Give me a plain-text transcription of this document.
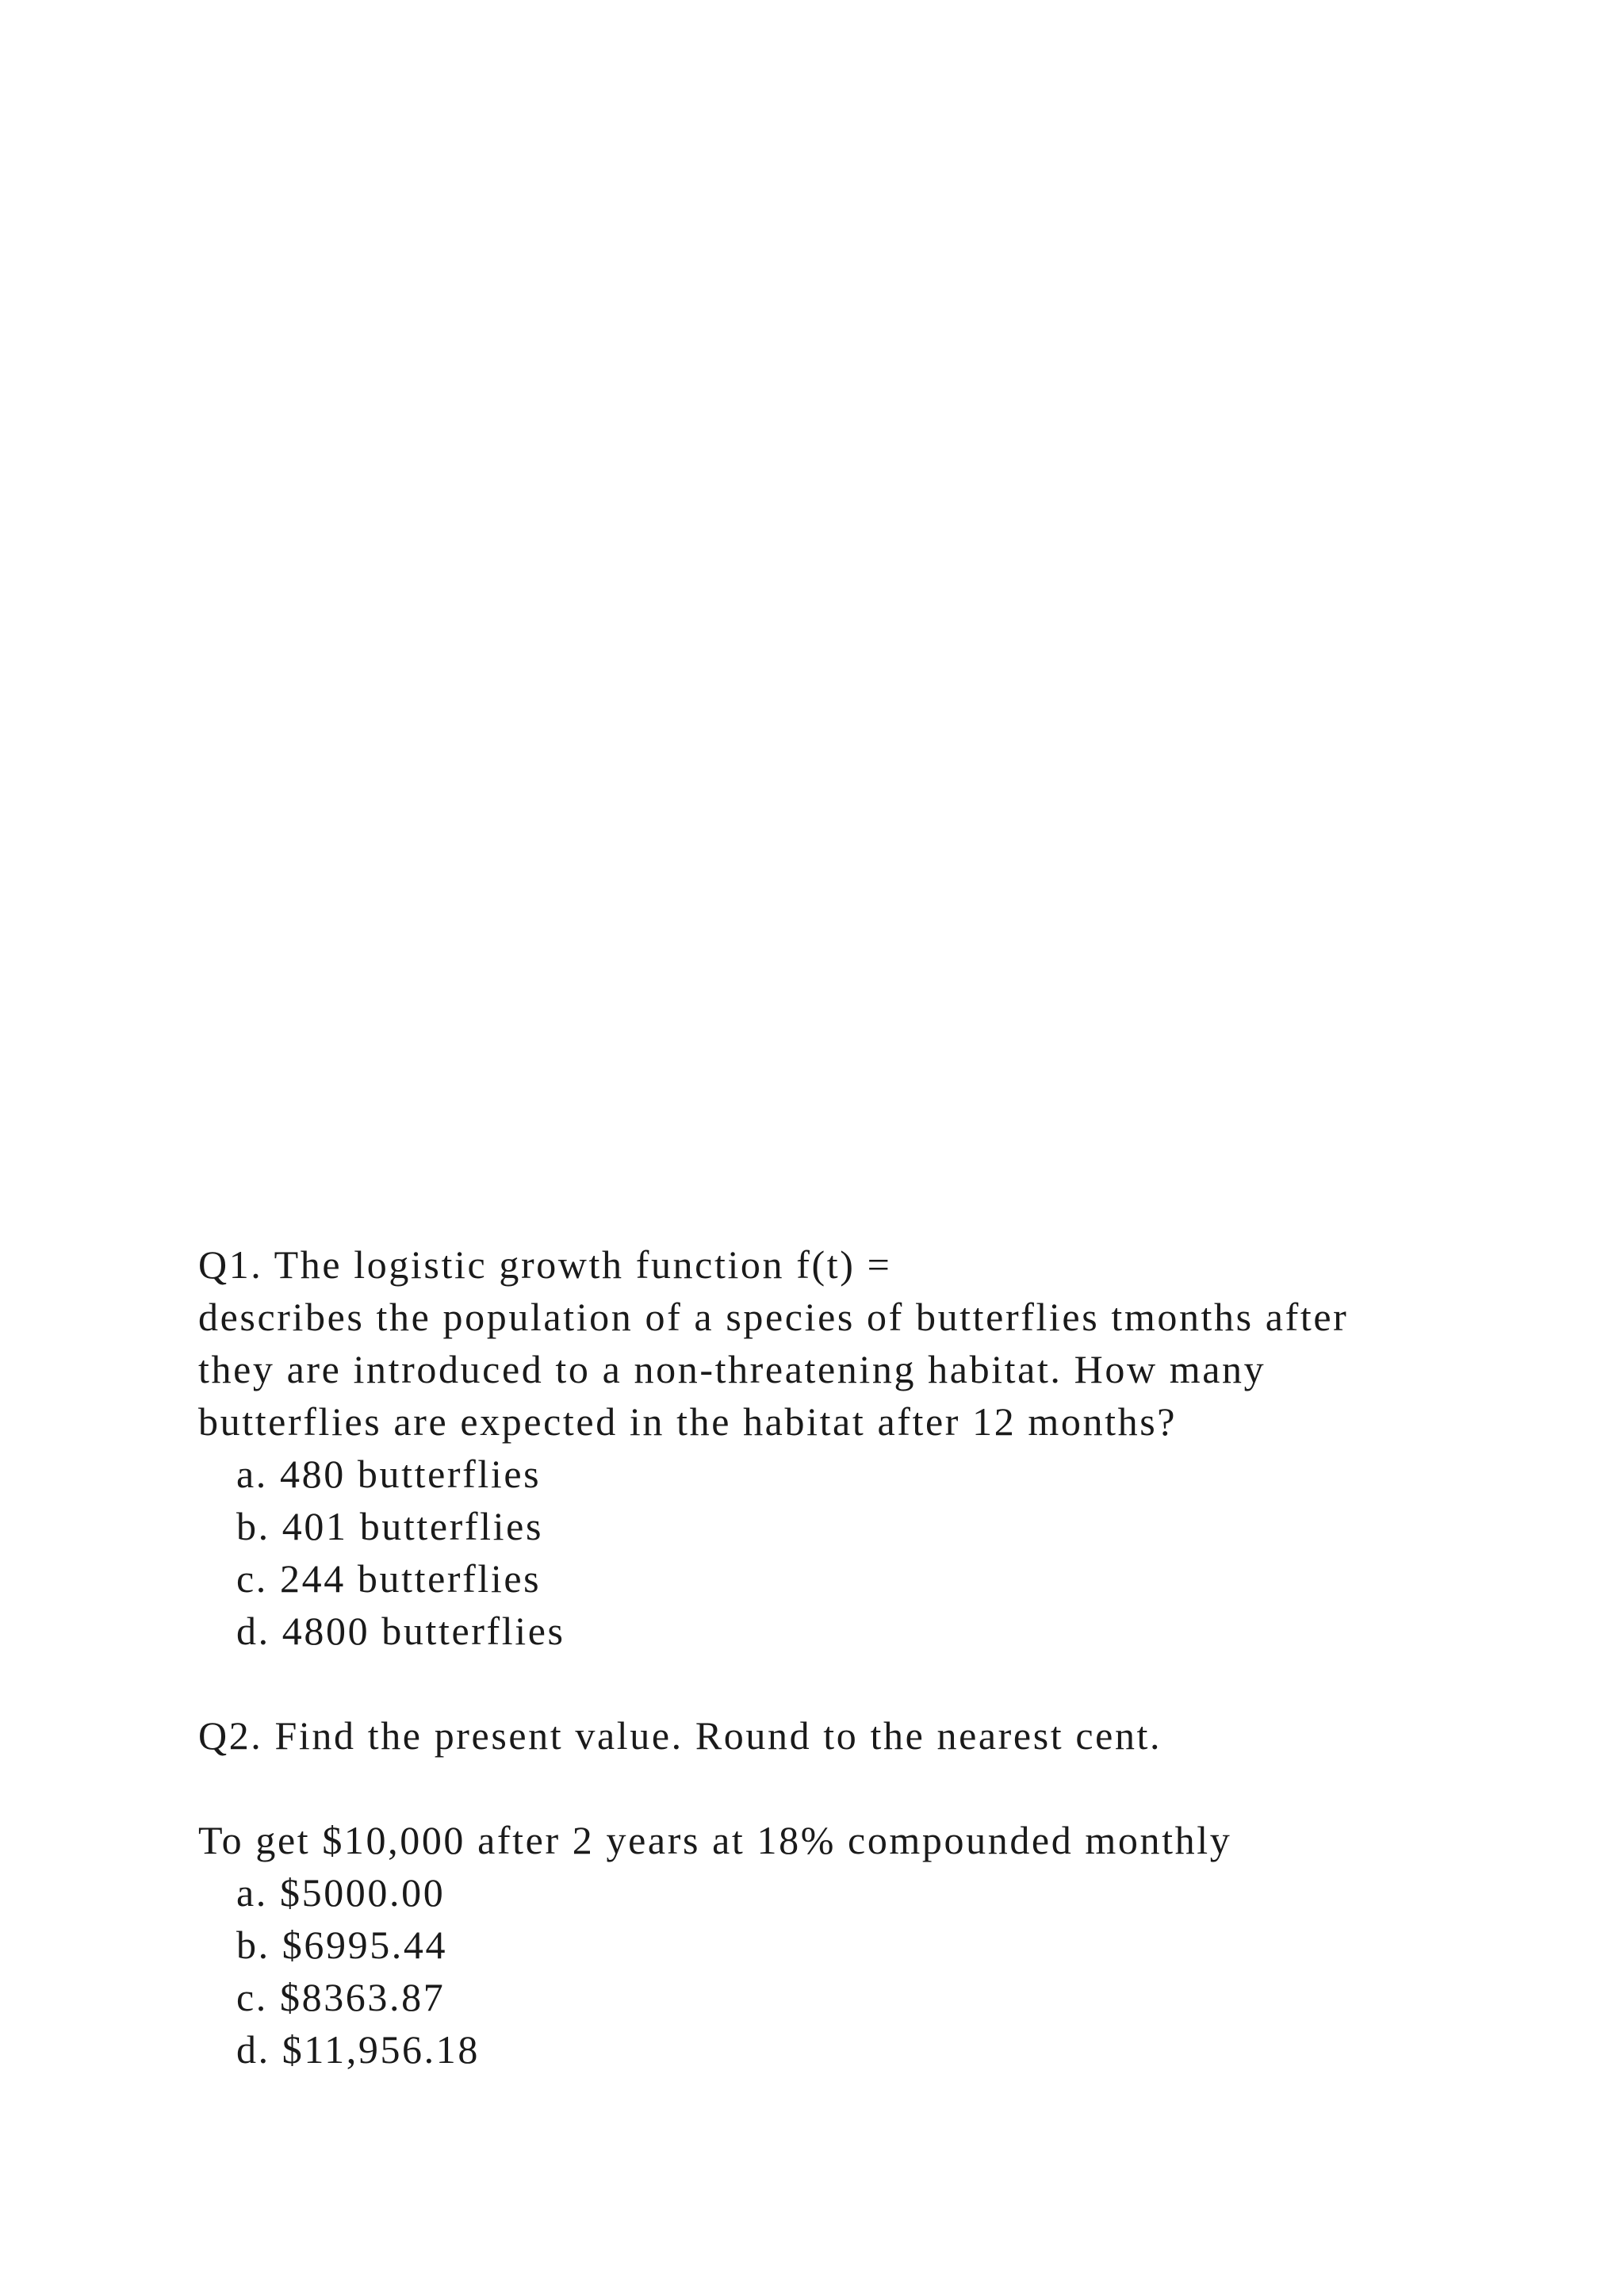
Q1. The logistic growth function f(t) =
describes the population of a species of butterflies tmonths after
they are introduced to a non-threatening habitat. How many
butterflies are expected in the habitat after 12 months?
a. 480 butterflies
b. 401 butterflies
c. 244 butterflies
d. 4800 butterflies
Q2. Find the present value. Round to the nearest cent.
To get $10,000 after 2 years at 18% compounded monthly
a. $5000.00
b. $6995.44
c. $8363.87
d. $11,956.18
